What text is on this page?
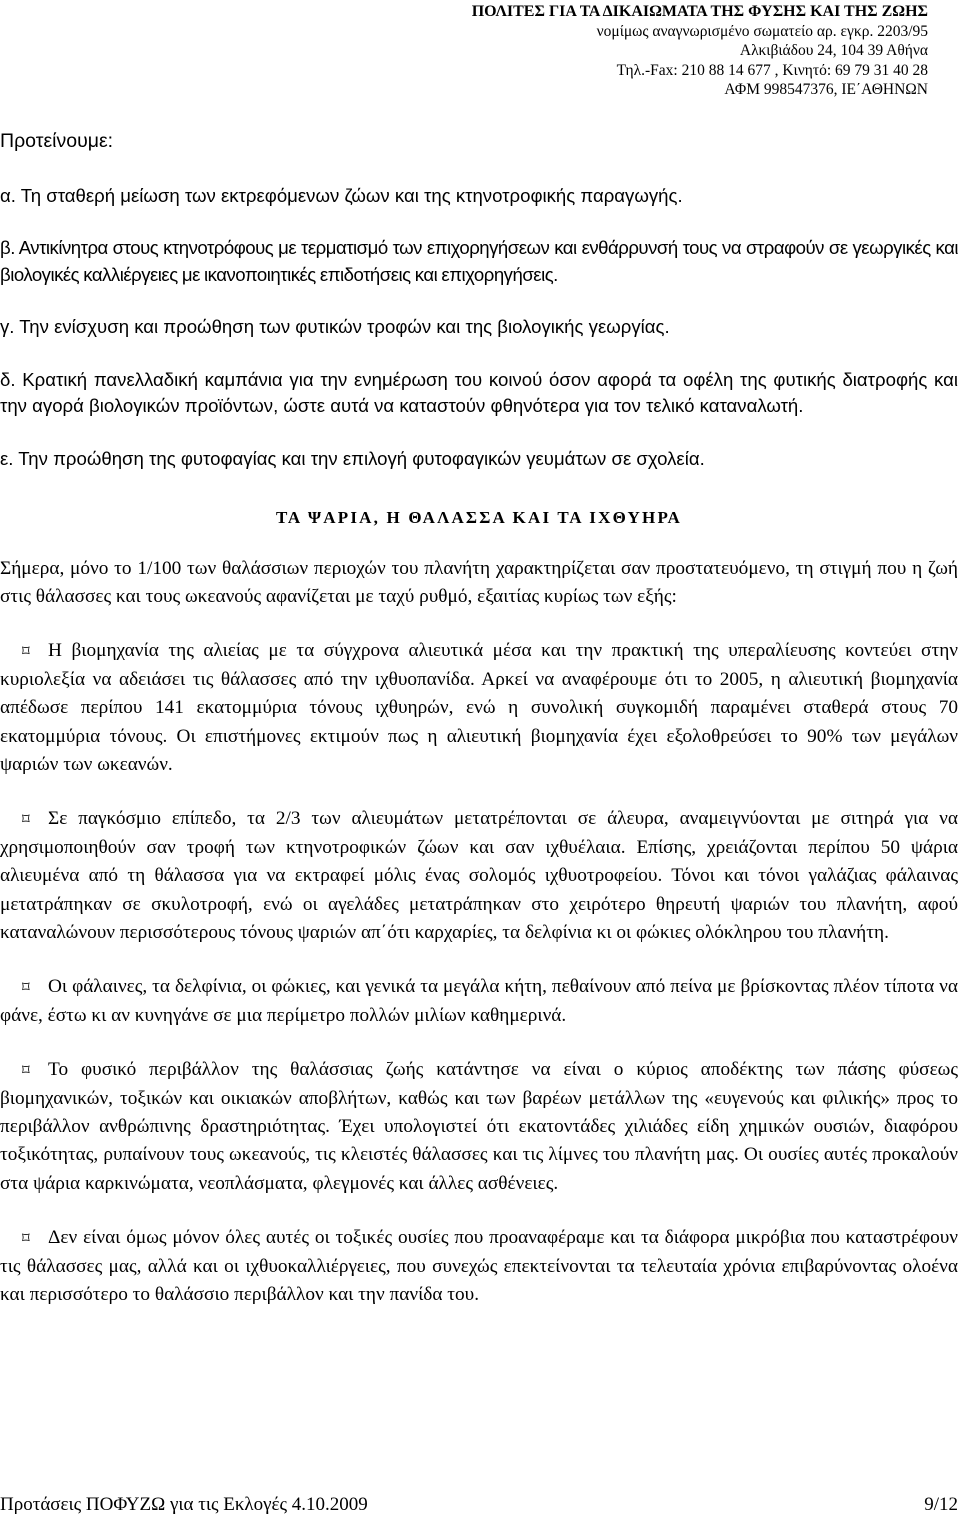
ΠΟΛΙΤΕΣ ΓΙΑ ΤΑ ΔΙΚΑΙΩΜΑΤΑ ΤΗΣ ΦΥΣΗΣ ΚΑΙ ΤΗΣ ΖΩΗΣ
νομίμως αναγνωρισμένο σωματείο αρ. εγκρ. 2203/95
Αλκιβιάδου 24, 104 39 Αθήνα
Τηλ.-Fax: 210 88 14 677 , Κινητό: 69 79 31 40 28
ΑΦΜ 998547376, ΙΕ΄ΑΘΗΝΩΝ

Προτείνουμε:

α. Τη σταθερή μείωση των εκτρεφόμενων ζώων και της κτηνοτροφικής παραγωγής.

β. Αντικίνητρα στους κτηνοτρόφους με τερματισμό των επιχορηγήσεων και ενθάρρυνσή τους να στραφούν σε γεωργικές και βιολογικές καλλιέργειες με ικανοποιητικές επιδοτήσεις και επιχορηγήσεις.

γ. Την ενίσχυση και προώθηση των φυτικών τροφών και της βιολογικής γεωργίας.

δ. Κρατική πανελλαδική καμπάνια για την ενημέρωση του κοινού όσον αφορά τα οφέλη της φυτικής διατροφής και την αγορά βιολογικών προϊόντων, ώστε αυτά να καταστούν φθηνότερα για τον τελικό καταναλωτή.

ε. Την προώθηση της φυτοφαγίας και την επιλογή φυτοφαγικών γευμάτων σε σχολεία.

ΤΑ ΨΑΡΙΑ, Η ΘΑΛΑΣΣΑ ΚΑΙ ΤΑ ΙΧΘΥΗΡΑ

Σήμερα, μόνο το 1/100 των θαλάσσιων περιοχών του πλανήτη χαρακτηρίζεται σαν προστατευόμενο, τη στιγμή που η ζωή στις θάλασσες και τους ωκεανούς αφανίζεται με ταχύ ρυθμό, εξαιτίας κυρίως των εξής:

⌑ Η βιομηχανία της αλιείας με τα σύγχρονα αλιευτικά μέσα και την πρακτική της υπεραλίευσης κοντεύει στην κυριολεξία να αδειάσει τις θάλασσες από την ιχθυοπανίδα. Αρκεί να αναφέρουμε ότι το 2005, η αλιευτική βιομηχανία απέδωσε περίπου 141 εκατομμύρια τόνους ιχθυηρών, ενώ η συνολική συγκομιδή παραμένει σταθερά στους 70 εκατομμύρια τόνους. Οι επιστήμονες εκτιμούν πως η αλιευτική βιομηχανία έχει εξολοθρεύσει το 90% των μεγάλων ψαριών των ωκεανών.

⌑ Σε παγκόσμιο επίπεδο, τα 2/3 των αλιευμάτων μετατρέπονται σε άλευρα, αναμειγνύονται με σιτηρά για να χρησιμοποιηθούν σαν τροφή των κτηνοτροφικών ζώων και σαν ιχθυέλαια. Επίσης, χρειάζονται περίπου 50 ψάρια αλιευμένα από τη θάλασσα για να εκτραφεί μόλις ένας σολομός ιχθυοτροφείου. Τόνοι και τόνοι γαλάζιας φάλαινας μετατράπηκαν σε σκυλοτροφή, ενώ οι αγελάδες μετατράπηκαν στο χειρότερο θηρευτή ψαριών του πλανήτη, αφού καταναλώνουν περισσότερους τόνους ψαριών απ΄ότι καρχαρίες, τα δελφίνια κι οι φώκιες ολόκληρου του πλανήτη.

⌑ Οι φάλαινες, τα δελφίνια, οι φώκιες, και γενικά τα μεγάλα κήτη, πεθαίνουν από πείνα με βρίσκοντας πλέον τίποτα να φάνε, έστω κι αν κυνηγάνε σε μια περίμετρο πολλών μιλίων καθημερινά.

⌑ Το φυσικό περιβάλλον της θαλάσσιας ζωής κατάντησε να είναι ο κύριος αποδέκτης των πάσης φύσεως βιομηχανικών, τοξικών και οικιακών αποβλήτων, καθώς και των βαρέων μετάλλων της «ευγενούς και φιλικής» προς το περιβάλλον ανθρώπινης δραστηριότητας. Έχει υπολογιστεί ότι εκατοντάδες χιλιάδες είδη χημικών ουσιών, διαφόρου τοξικότητας, ρυπαίνουν τους ωκεανούς, τις κλειστές θάλασσες και τις λίμνες του πλανήτη μας. Οι ουσίες αυτές προκαλούν στα ψάρια καρκινώματα, νεοπλάσματα, φλεγμονές και άλλες ασθένειες.

⌑ Δεν είναι όμως μόνον όλες αυτές οι τοξικές ουσίες που προαναφέραμε και τα διάφορα μικρόβια που καταστρέφουν τις θάλασσες μας, αλλά και οι ιχθυοκαλλιέργειες, που συνεχώς επεκτείνονται τα τελευταία χρόνια επιβαρύνοντας ολοένα και περισσότερο το θαλάσσιο περιβάλλον και την πανίδα του.

Προτάσεις ΠΟΦΥΖΩ για τις Εκλογές 4.10.2009	9/12
